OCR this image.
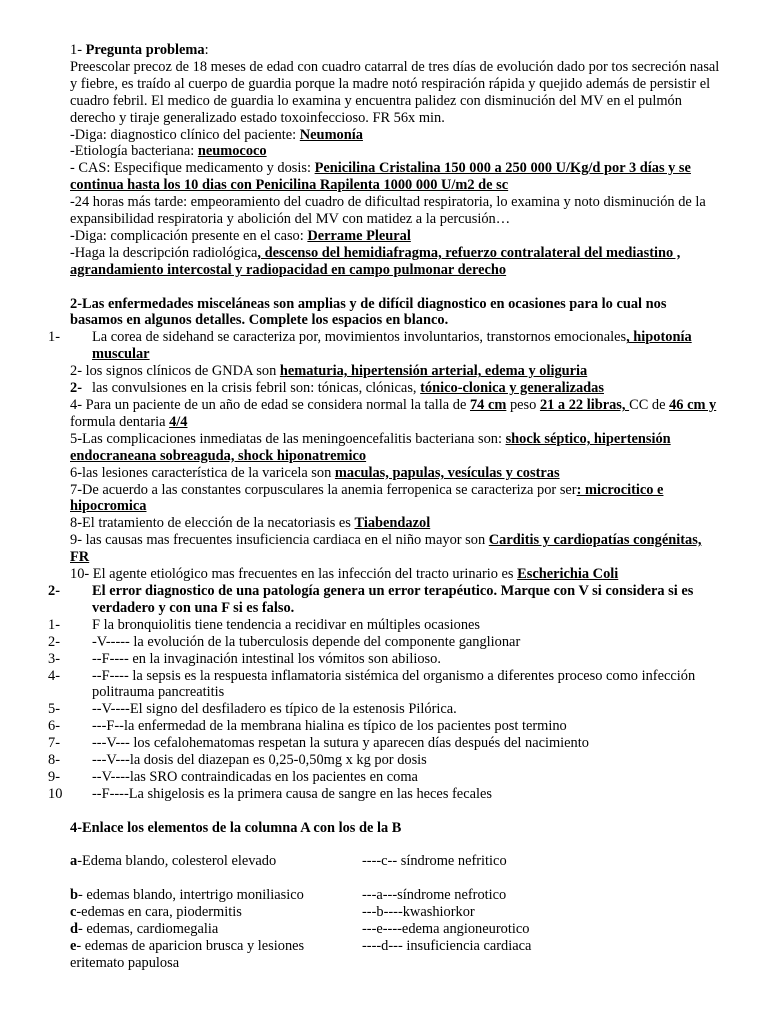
1- Pregunta problema:

Preescolar precoz de 18 meses de edad con cuadro catarral de tres días de evolución dado por tos secreción nasal y fiebre, es traído al cuerpo de guardia porque la madre notó respiración rápida y quejido además de persistir el cuadro febril. El medico de guardia lo examina y encuentra palidez con disminución del MV en el pulmón derecho y tiraje generalizado estado toxoinfeccioso. FR 56x min.

-Diga: diagnostico clínico del paciente: Neumonía

-Etiología bacteriana: neumococo

- CAS: Especifique medicamento y dosis: Penicilina Cristalina 150 000 a 250 000 U/Kg/d por 3 días y se continua hasta los 10 dias con Penicilina Rapilenta 1000 000 U/m2 de sc

-24 horas más tarde: empeoramiento del cuadro de dificultad respiratoria, lo examina y noto disminución de la expansibilidad respiratoria y abolición del MV con matidez a la percusión…

-Diga: complicación presente en el caso: Derrame Pleural

-Haga la descripción radiológica, descenso del hemidiafragma, refuerzo contralateral del mediastino , agrandamiento intercostal y radiopacidad en campo pulmonar derecho

2-Las enfermedades misceláneas son amplias y de difícil diagnostico en ocasiones para lo cual nos basamos en algunos detalles. Complete los espacios en blanco.

1- La corea de sidehand se caracteriza por, movimientos involuntarios, transtornos emocionales, hipotonía muscular

2- los signos clínicos de GNDA son hematuria, hipertensión arterial, edema y oliguria

2- las convulsiones en la crisis febril son: tónicas, clónicas, tónico-clonica y generalizadas

4- Para un paciente de un año de edad se considera normal la talla de 74 cm peso 21 a 22 libras, CC de 46 cm y formula dentaria 4/4

5-Las complicaciones inmediatas de las meningoencefalitis bacteriana son: shock séptico, hipertensión endocraneana sobreaguda, shock hiponatremico

6-las lesiones característica de la varicela son maculas, papulas, vesículas y costras

7-De acuerdo a las constantes corpusculares la anemia ferropenica se caracteriza por ser: microcitico e hipocromica

8-El tratamiento de elección de la necatoriasis es Tiabendazol

9- las causas mas frecuentes insuficiencia cardiaca en el niño mayor son Carditis y cardiopatías congénitas, FR

10- El agente etiológico mas frecuentes en las infección del tracto urinario es Escherichia Coli

2- El error diagnostico de una patología genera un error terapéutico. Marque con V si considera si es verdadero y con una F si es falso.

1- F la bronquiolitis tiene tendencia a recidivar en múltiples ocasiones

2- -V----- la evolución de la tuberculosis depende del componente ganglionar

3- --F---- en la invaginación intestinal los vómitos son abilioso.

4- --F---- la sepsis es la respuesta inflamatoria sistémica del organismo a diferentes proceso como infección politrauma pancreatitis

5- --V----El signo del desfiladero es típico de la estenosis Pilórica.

6- ---F--la enfermedad de la membrana hialina es típico de los pacientes post termino

7- ---V--- los cefalohematomas respetan la sutura y aparecen días después del nacimiento

8- ---V---la dosis del diazepan es 0,25-0,50mg x kg por dosis

9- --V----las SRO contraindicadas en los pacientes en coma

10 --F----La shigelosis es la primera causa de sangre en las heces fecales

4-Enlace los elementos de la columna A con los de la B

a-Edema blando, colesterol elevado	----c-- síndrome nefritico
b- edemas blando, intertrigo moniliasico	---a---síndrome nefrotico
c-edemas en cara, piodermitis	---b----kwashiorkor
d- edemas, cardiomegalia	---e----edema angioneurotico
e- edemas de aparicion brusca y lesiones	----d--- insuficiencia cardiaca

eritemato papulosa
